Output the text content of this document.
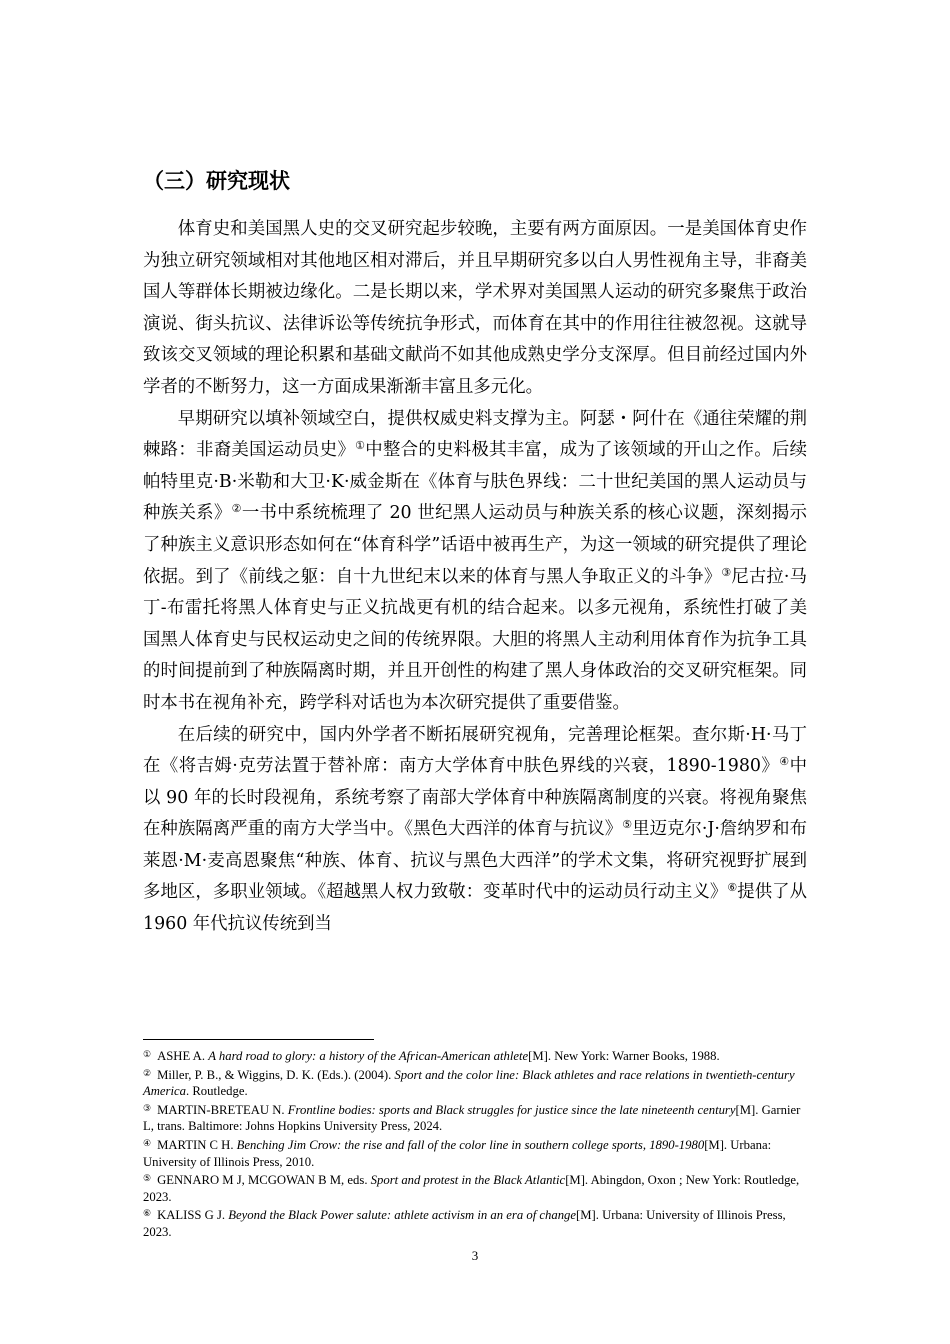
（三）研究现状

体育史和美国黑人史的交叉研究起步较晚，主要有两方面原因。一是美国体育史作为独立研究领域相对其他地区相对滞后，并且早期研究多以白人男性视角主导，非裔美国人等群体长期被边缘化。二是长期以来，学术界对美国黑人运动的研究多聚焦于政治演说、街头抗议、法律诉讼等传统抗争形式，而体育在其中的作用往往被忽视。这就导致该交叉领域的理论积累和基础文献尚不如其他成熟史学分支深厚。但目前经过国内外学者的不断努力，这一方面成果渐渐丰富且多元化。

早期研究以填补领域空白，提供权威史料支撑为主。阿瑟・阿什在《通往荣耀的荆棘路：非裔美国运动员史》①中整合的史料极其丰富，成为了该领域的开山之作。后续帕特里克·B·米勒和大卫·K·威金斯在《体育与肤色界线：二十世纪美国的黑人运动员与种族关系》②一书中系统梳理了 20 世纪黑人运动员与种族关系的核心议题，深刻揭示了种族主义意识形态如何在“体育科学”话语中被再生产，为这一领域的研究提供了理论依据。到了《前线之躯：自十九世纪末以来的体育与黑人争取正义的斗争》③尼古拉·马丁-布雷托将黑人体育史与正义抗战更有机的结合起来。以多元视角，系统性打破了美国黑人体育史与民权运动史之间的传统界限。大胆的将黑人主动利用体育作为抗争工具的时间提前到了种族隔离时期，并且开创性的构建了黑人身体政治的交叉研究框架。同时本书在视角补充，跨学科对话也为本次研究提供了重要借鉴。

在后续的研究中，国内外学者不断拓展研究视角，完善理论框架。查尔斯·H·马丁在《将吉姆·克劳法置于替补席：南方大学体育中肤色界线的兴衰，1890-1980》④中以 90 年的长时段视角，系统考察了南部大学体育中种族隔离制度的兴衰。将视角聚焦在种族隔离严重的南方大学当中。《黑色大西洋的体育与抗议》⑤里迈克尔·J·詹纳罗和布莱恩·M·麦高恩聚焦“种族、体育、抗议与黑色大西洋”的学术文集，将研究视野扩展到多地区，多职业领域。《超越黑人权力致敬：变革时代中的运动员行动主义》⑥提供了从 1960 年代抗议传统到当

① ASHE A. A hard road to glory: a history of the African-American athlete[M]. New York: Warner Books, 1988.
② Miller, P. B., & Wiggins, D. K. (Eds.). (2004). Sport and the color line: Black athletes and race relations in twentieth-century America. Routledge.
③ MARTIN-BRETEAU N. Frontline bodies: sports and Black struggles for justice since the late nineteenth century[M]. Garnier L, trans. Baltimore: Johns Hopkins University Press, 2024.
④ MARTIN C H. Benching Jim Crow: the rise and fall of the color line in southern college sports, 1890-1980[M]. Urbana: University of Illinois Press, 2010.
⑤ GENNARO M J, MCGOWAN B M, eds. Sport and protest in the Black Atlantic[M]. Abingdon, Oxon ; New York: Routledge, 2023.
⑥ KALISS G J. Beyond the Black Power salute: athlete activism in an era of change[M]. Urbana: University of Illinois Press, 2023.
3
